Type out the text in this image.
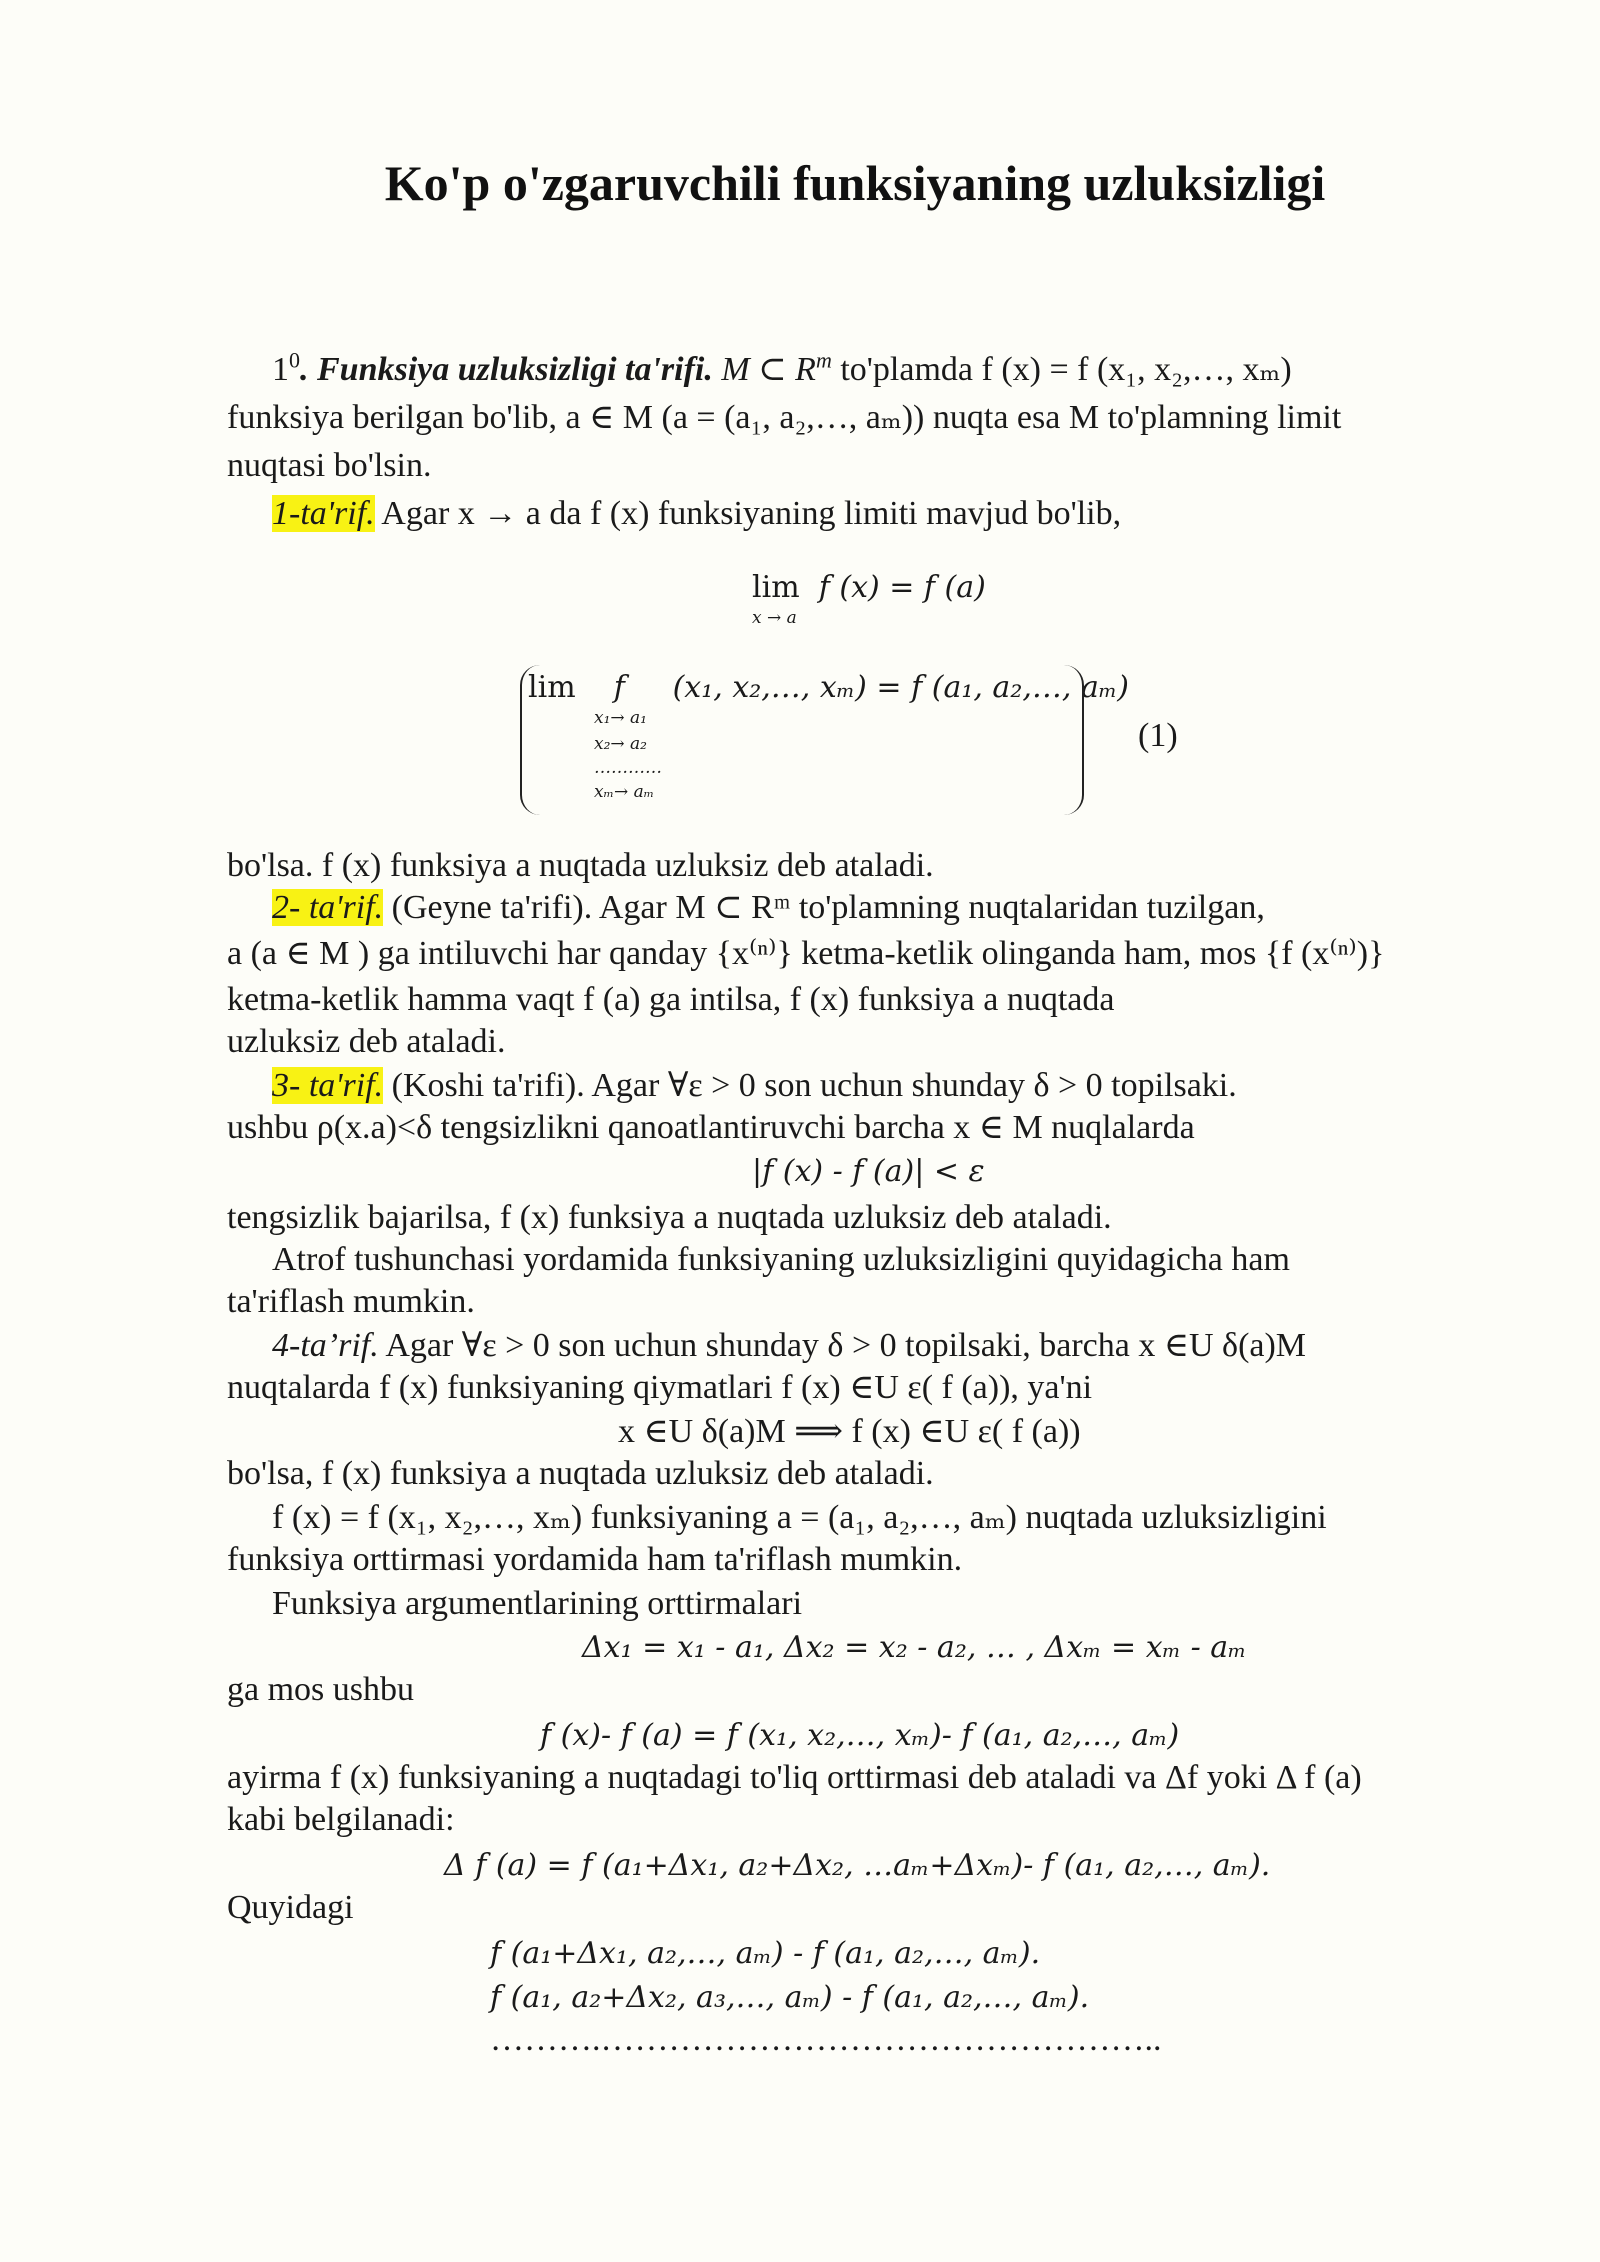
Ko'p o'zgaruvchili funksiyaning uzluksizligi
$1^0$. Funksiya uzluksizligi ta'rifi. M ⊂ $R^m$ to'plamda f (x) = f (x₁, x₂,…, xₘ)
funksiya berilgan bo'lib, a ∈ M (a = (a₁, a₂,…, aₘ)) nuqta esa M to'plamning limit
nuqtasi bo'lsin.
1-ta'rif. Agar x → a da f (x) funksiyaning limiti mavjud bo'lib,
lim f (x) = f (a)
x → a
lim f (x₁, x₂,…, xₘ) = f (a₁, a₂,…, aₘ)
x₁→ a₁
x₂→ a₂
…………
xₘ→ aₘ
(1)
bo'lsa. f (x) funksiya a nuqtada uzluksiz deb ataladi.
2- ta'rif. (Geyne ta'rifi). Agar M ⊂ Rᵐ to'plamning nuqtalaridan tuzilgan,
a (a ∈ M ) ga intiluvchi har qanday {x⁽ⁿ⁾} ketma-ketlik olinganda ham, mos {f (x⁽ⁿ⁾)}
ketma-ketlik hamma vaqt f (a) ga intilsa, f (x) funksiya a nuqtada
uzluksiz deb ataladi.
3- ta'rif. (Koshi ta'rifi). Agar ∀ε > 0 son uchun shunday δ > 0 topilsaki.
ushbu ρ(x.a)<δ tengsizlikni qanoatlantiruvchi barcha x ∈ M nuqlalarda
|f (x) - f (a)| < ε
tengsizlik bajarilsa, f (x) funksiya a nuqtada uzluksiz deb ataladi.
Atrof tushunchasi yordamida funksiyaning uzluksizligini quyidagicha ham
ta'riflash mumkin.
4-ta’rif. Agar ∀ε > 0 son uchun shunday δ > 0 topilsaki, barcha x ∈U δ(a)M
nuqtalarda f (x) funksiyaning qiymatlari f (x) ∈U ε( f (a)), ya'ni
x ∈U δ(a)M ⟹ f (x) ∈U ε( f (a))
bo'lsa, f (x) funksiya a nuqtada uzluksiz deb ataladi.
f (x) = f (x₁, x₂,…, xₘ) funksiyaning a = (a₁, a₂,…, aₘ) nuqtada uzluksizligini
funksiya orttirmasi yordamida ham ta'riflash mumkin.
Funksiya argumentlarining orttirmalari
Δx₁ = x₁ - a₁, Δx₂ = x₂ - a₂, … , Δxₘ = xₘ - aₘ
ga mos ushbu
f (x)- f (a) = f (x₁, x₂,…, xₘ)- f (a₁, a₂,…, aₘ)
ayirma f (x) funksiyaning a nuqtadagi to'liq orttirmasi deb ataladi va Δf yoki Δ f (a)
kabi belgilanadi:
Δ f (a) = f (a₁+Δx₁, a₂+Δx₂, …aₘ+Δxₘ)- f (a₁, a₂,…, aₘ).
Quyidagi
f (a₁+Δx₁, a₂,…, aₘ) - f (a₁, a₂,…, aₘ).
f (a₁, a₂+Δx₂, a₃,…, aₘ) - f (a₁, a₂,…, aₘ).
……….…………………………………………..
